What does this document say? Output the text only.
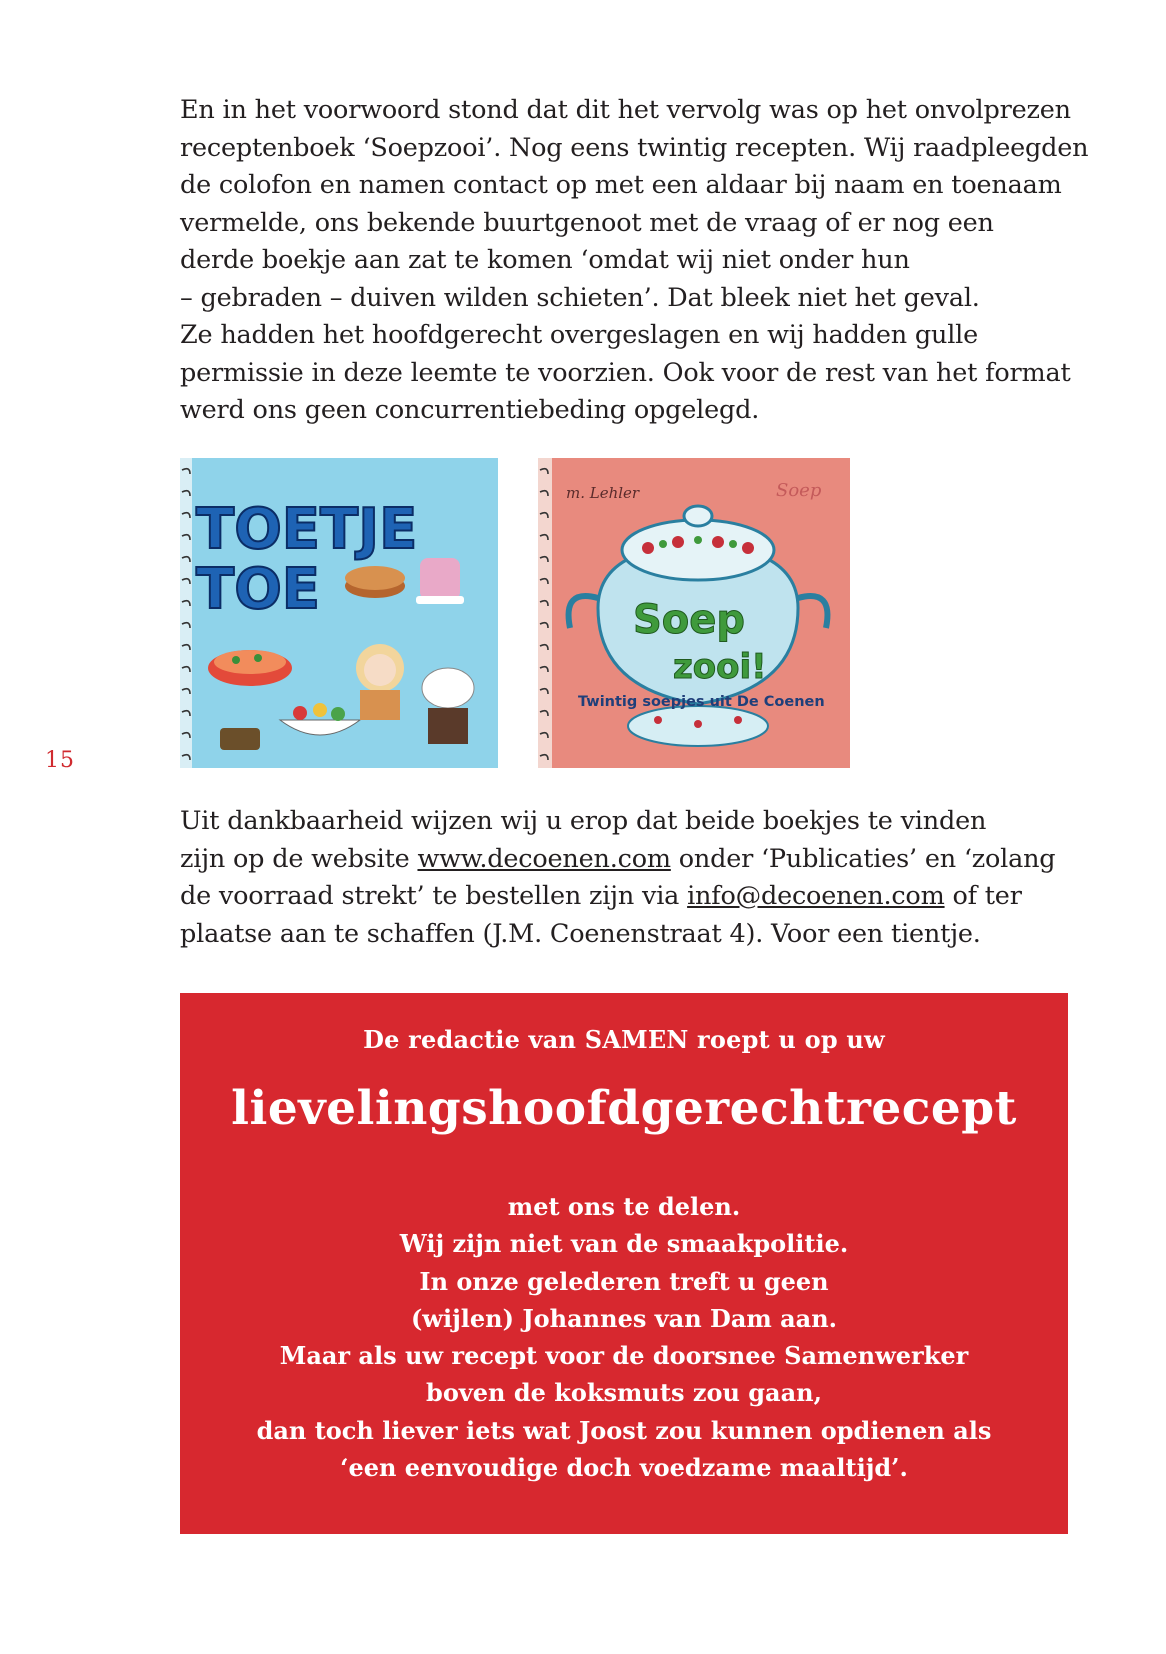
En in het voorwoord stond dat dit het vervolg was op het onvolprezen
receptenboek ‘Soepzooi’. Nog eens twintig recepten. Wij raadpleegden
de colofon en namen contact op met een aldaar bij naam en toenaam
vermelde, ons bekende buurtgenoot met de vraag of er nog een
derde boekje aan zat te komen ‘omdat wij niet onder hun
– gebraden – duiven wilden schieten’. Dat bleek niet het geval.
Ze hadden het hoofdgerecht overgeslagen en wij hadden gulle
permissie in deze leemte te voorzien. Ook voor de rest van het format
werd ons geen concurrentiebeding opgelegd.

15
TOETJE
TOE
m. Lehler	Soep
Soep
zooi!
Twintig soepjes uit De Coenen

Uit dankbaarheid wijzen wij u erop dat beide boekjes te vinden
zijn op de website www.decoenen.com onder ‘Publicaties’ en ‘zolang
de voorraad strekt’ te bestellen zijn via info@decoenen.com of ter
plaatse aan te schaffen (J.M. Coenenstraat 4). Voor een tientje.

De redactie van SAMEN roept u op uw
lievelingshoofdgerechtrecept
met ons te delen.
Wij zijn niet van de smaakpolitie.
In onze gelederen treft u geen
(wijlen) Johannes van Dam aan.
Maar als uw recept voor de doorsnee Samenwerker
boven de koksmuts zou gaan,
dan toch liever iets wat Joost zou kunnen opdienen als
‘een eenvoudige doch voedzame maaltijd’.
